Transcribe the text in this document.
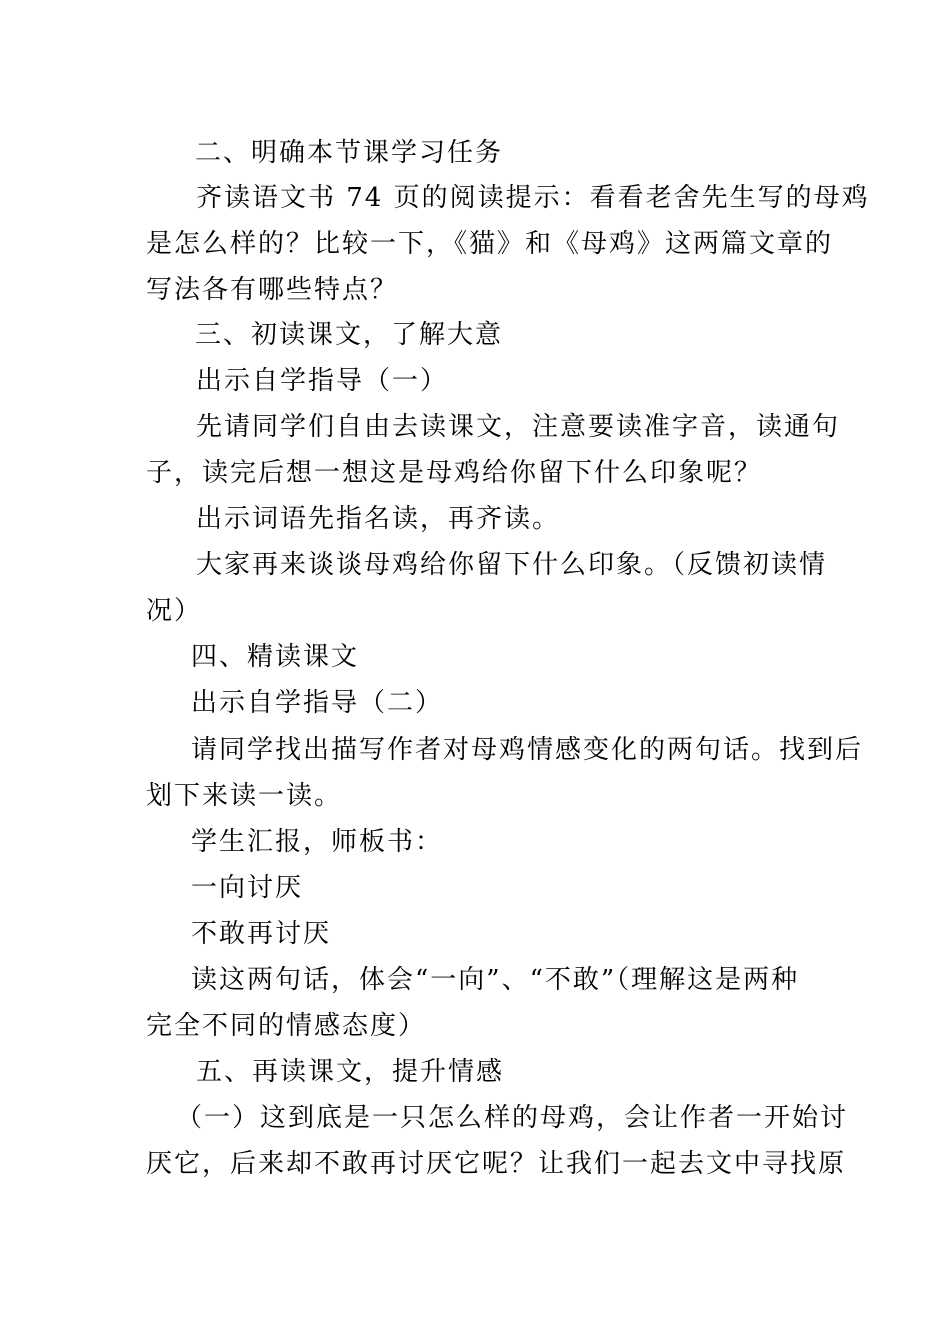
二、明确本节课学习任务
齐读语文书 74 页的阅读提示：看看老舍先生写的母鸡
是怎么样的？比较一下，《猫》和《母鸡》这两篇文章的
写法各有哪些特点？
三、初读课文，了解大意
出示自学指导（一）
先请同学们自由去读课文，注意要读准字音，读通句
子，读完后想一想这是母鸡给你留下什么印象呢？
出示词语先指名读，再齐读。
大家再来谈谈母鸡给你留下什么印象。（反馈初读情
况）
四、精读课文
出示自学指导（二）
请同学找出描写作者对母鸡情感变化的两句话。找到后
划下来读一读。
学生汇报，师板书：
一向讨厌
不敢再讨厌
读这两句话，体会“一向”、“不敢”（理解这是两种
完全不同的情感态度）
五、再读课文，提升情感
（一）这到底是一只怎么样的母鸡，会让作者一开始讨
厌它，后来却不敢再讨厌它呢？让我们一起去文中寻找原
